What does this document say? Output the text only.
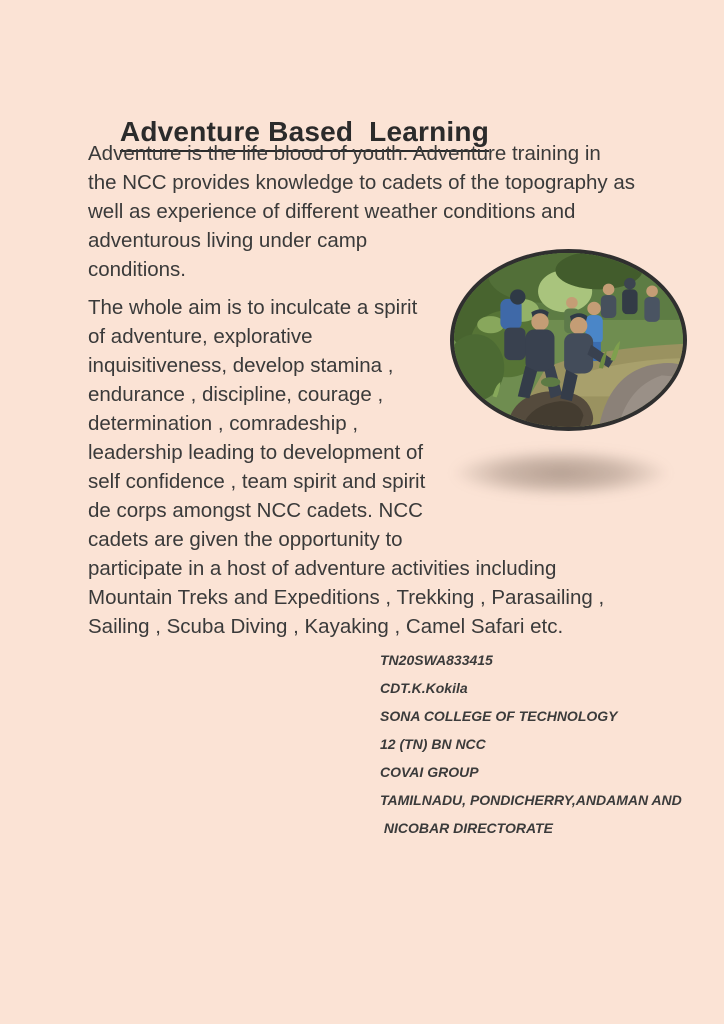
Adventure Based  Learning

Adventure is the life blood of youth. Adventure training in
the NCC provides knowledge to cadets of the topography as
well as experience of different weather conditions and
adventurous living under camp
conditions.
The whole aim is to inculcate a spirit
of adventure, explorative
inquisitiveness, develop stamina ,
endurance , discipline, courage ,
determination , comradeship ,
leadership leading to development of
self confidence , team spirit and spirit
de corps amongst NCC cadets. NCC
cadets are given the opportunity to
participate in a host of adventure activities including
Mountain Treks and Expeditions , Trekking , Parasailing ,
Sailing , Scuba Diving , Kayaking , Camel Safari etc.
TN20SWA833415
CDT.K.Kokila
SONA COLLEGE OF TECHNOLOGY
12 (TN) BN NCC
COVAI GROUP
TAMILNADU, PONDICHERRY,ANDAMAN AND
NICOBAR DIRECTORATE
